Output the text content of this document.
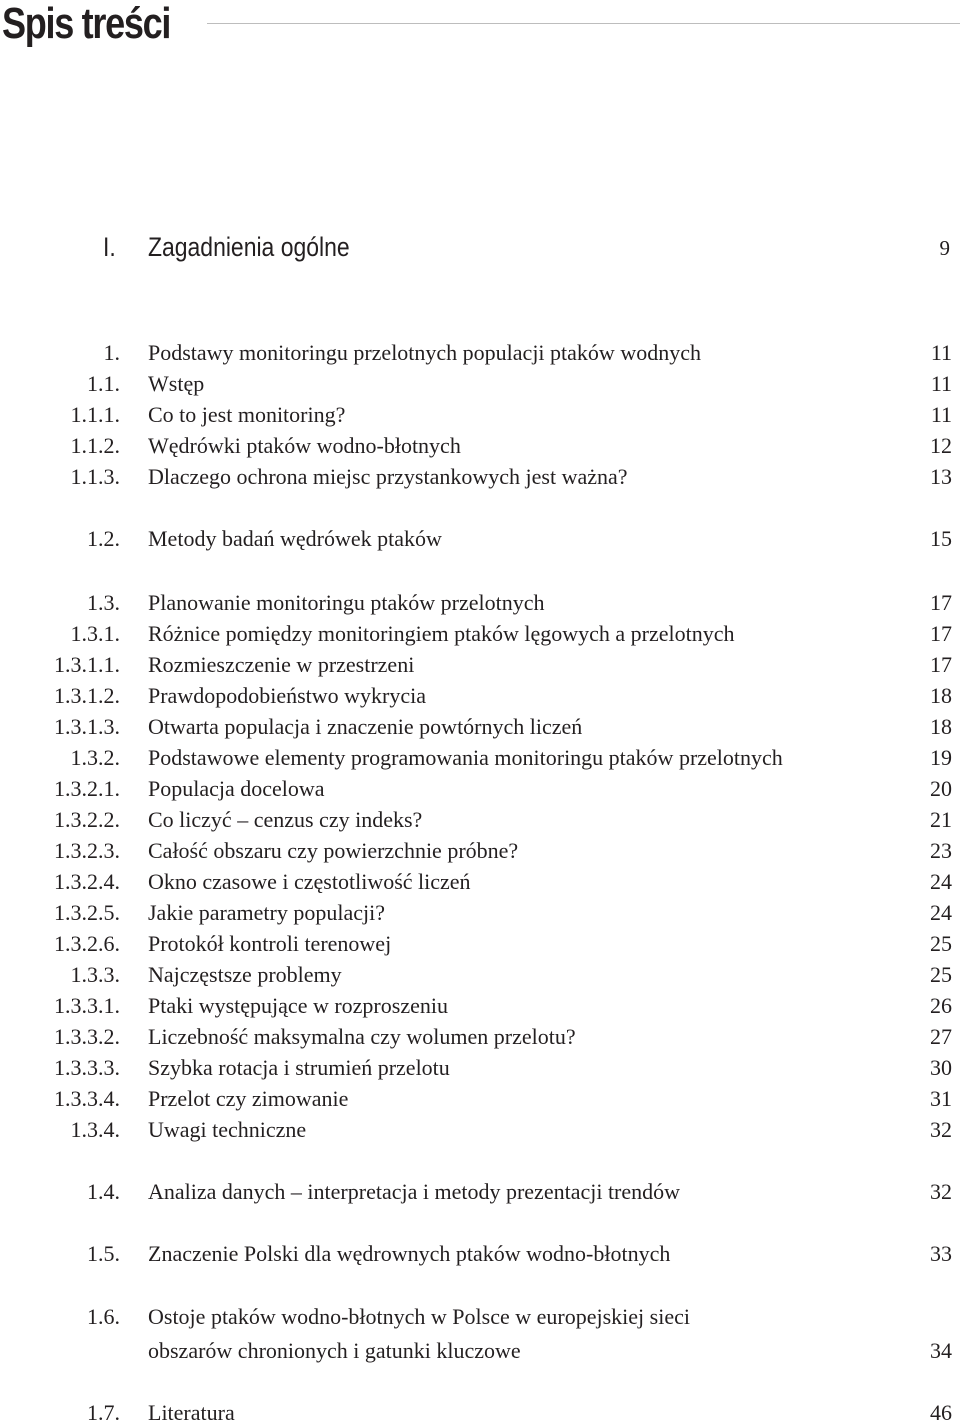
Spis treści
I. Zagadnienia ogólne	9
1. Podstawy monitoringu przelotnych populacji ptaków wodnych	11
1.1. Wstęp	11
1.1.1. Co to jest monitoring?	11
1.1.2. Wędrówki ptaków wodno-błotnych	12
1.1.3. Dlaczego ochrona miejsc przystankowych jest ważna?	13
1.2. Metody badań wędrówek ptaków	15
1.3. Planowanie monitoringu ptaków przelotnych	17
1.3.1. Różnice pomiędzy monitoringiem ptaków lęgowych a przelotnych	17
1.3.1.1. Rozmieszczenie w przestrzeni	17
1.3.1.2. Prawdopodobieństwo wykrycia	18
1.3.1.3. Otwarta populacja i znaczenie powtórnych liczeń	18
1.3.2. Podstawowe elementy programowania monitoringu ptaków przelotnych	19
1.3.2.1. Populacja docelowa	20
1.3.2.2. Co liczyć – cenzus czy indeks?	21
1.3.2.3. Całość obszaru czy powierzchnie próbne?	23
1.3.2.4. Okno czasowe i częstotliwość liczeń	24
1.3.2.5. Jakie parametry populacji?	24
1.3.2.6. Protokół kontroli terenowej	25
1.3.3. Najczęstsze problemy	25
1.3.3.1. Ptaki występujące w rozproszeniu	26
1.3.3.2. Liczebność maksymalna czy wolumen przelotu?	27
1.3.3.3. Szybka rotacja i strumień przelotu	30
1.3.3.4. Przelot czy zimowanie	31
1.3.4. Uwagi techniczne	32
1.4. Analiza danych – interpretacja i metody prezentacji trendów	32
1.5. Znaczenie Polski dla wędrownych ptaków wodno-błotnych	33
1.6. Ostoje ptaków wodno-błotnych w Polsce w europejskiej sieci
obszarów chronionych i gatunki kluczowe	34
1.7. Literatura	46
